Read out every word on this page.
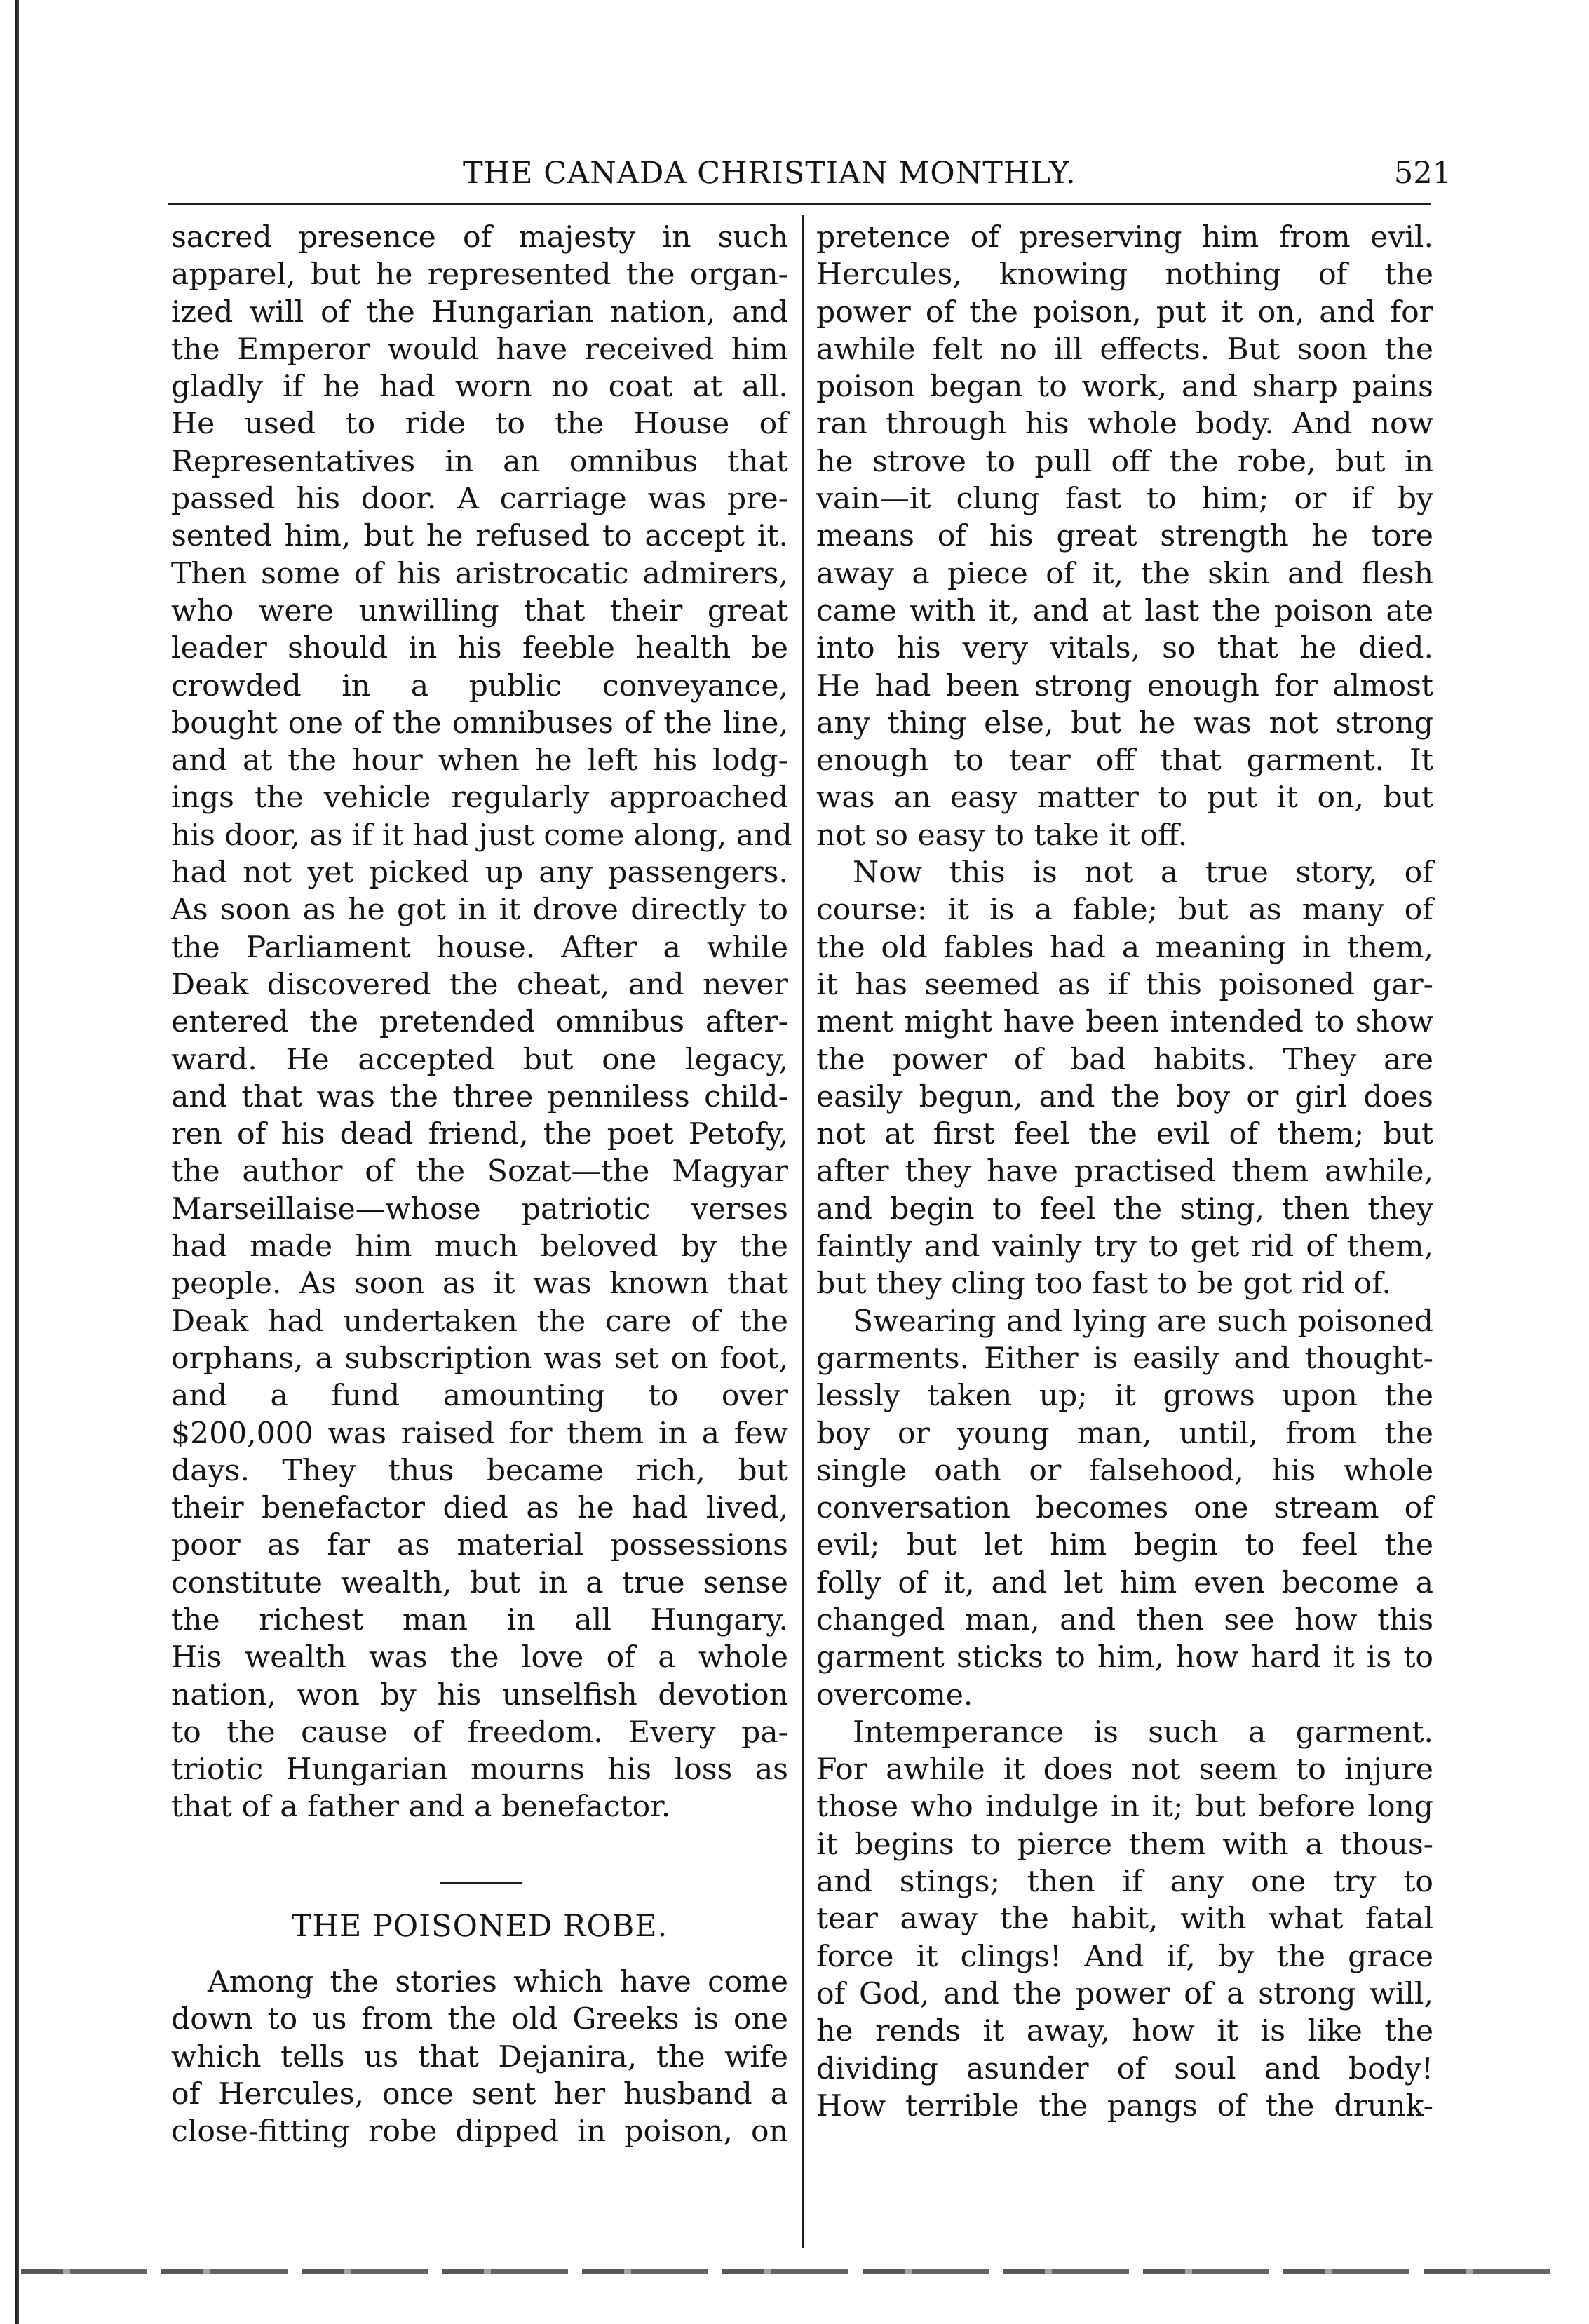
THE CANADA CHRISTIAN MONTHLY.	521
sacred presence of majesty in such
apparel, but he represented the organ-
ized will of the Hungarian nation, and
the Emperor would have received him
gladly if he had worn no coat at all.
He used to ride to the House of
Representatives in an omnibus that
passed his door. A carriage was pre-
sented him, but he refused to accept it.
Then some of his aristrocatic admirers,
who were unwilling that their great
leader should in his feeble health be
crowded in a public conveyance,
bought one of the omnibuses of the line,
and at the hour when he left his lodg-
ings the vehicle regularly approached
his door, as if it had just come along, and
had not yet picked up any passengers.
As soon as he got in it drove directly to
the Parliament house. After a while
Deak discovered the cheat, and never
entered the pretended omnibus after-
ward. He accepted but one legacy,
and that was the three penniless child-
ren of his dead friend, the poet Petofy,
the author of the Sozat—the Magyar
Marseillaise—whose patriotic verses
had made him much beloved by the
people. As soon as it was known that
Deak had undertaken the care of the
orphans, a subscription was set on foot,
and a fund amounting to over
$200,000 was raised for them in a few
days. They thus became rich, but
their benefactor died as he had lived,
poor as far as material possessions
constitute wealth, but in a true sense
the richest man in all Hungary.
His wealth was the love of a whole
nation, won by his unselfish devotion
to the cause of freedom. Every pa-
triotic Hungarian mourns his loss as
that of a father and a benefactor.
THE POISONED ROBE.
Among the stories which have come
down to us from the old Greeks is one
which tells us that Dejanira, the wife
of Hercules, once sent her husband a
close-fitting robe dipped in poison, on
pretence of preserving him from evil.
Hercules, knowing nothing of the
power of the poison, put it on, and for
awhile felt no ill effects. But soon the
poison began to work, and sharp pains
ran through his whole body. And now
he strove to pull off the robe, but in
vain—it clung fast to him; or if by
means of his great strength he tore
away a piece of it, the skin and flesh
came with it, and at last the poison ate
into his very vitals, so that he died.
He had been strong enough for almost
any thing else, but he was not strong
enough to tear off that garment. It
was an easy matter to put it on, but
not so easy to take it off.
Now this is not a true story, of
course: it is a fable; but as many of
the old fables had a meaning in them,
it has seemed as if this poisoned gar-
ment might have been intended to show
the power of bad habits. They are
easily begun, and the boy or girl does
not at first feel the evil of them; but
after they have practised them awhile,
and begin to feel the sting, then they
faintly and vainly try to get rid of them,
but they cling too fast to be got rid of.
Swearing and lying are such poisoned
garments. Either is easily and thought-
lessly taken up; it grows upon the
boy or young man, until, from the
single oath or falsehood, his whole
conversation becomes one stream of
evil; but let him begin to feel the
folly of it, and let him even become a
changed man, and then see how this
garment sticks to him, how hard it is to
overcome.
Intemperance is such a garment.
For awhile it does not seem to injure
those who indulge in it; but before long
it begins to pierce them with a thous-
and stings; then if any one try to
tear away the habit, with what fatal
force it clings! And if, by the grace
of God, and the power of a strong will,
he rends it away, how it is like the
dividing asunder of soul and body!
How terrible the pangs of the drunk-
